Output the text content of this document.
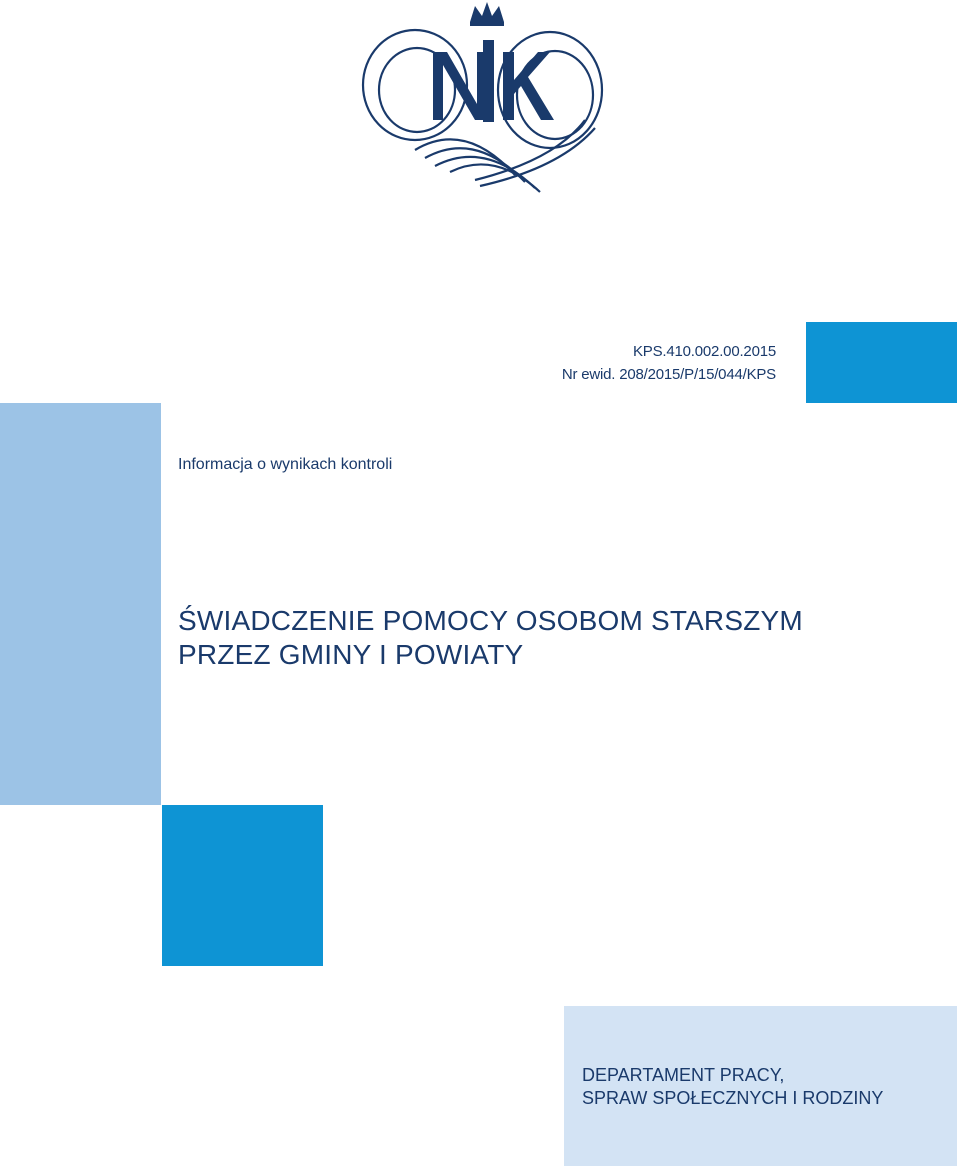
KPS.410.002.00.2015
Nr ewid. 208/2015/P/15/044/KPS
Informacja o wynikach kontroli
ŚWIADCZENIE POMOCY OSOBOM STARSZYM
PRZEZ GMINY I POWIATY
DEPARTAMENT PRACY,
SPRAW SPOŁECZNYCH I RODZINY
